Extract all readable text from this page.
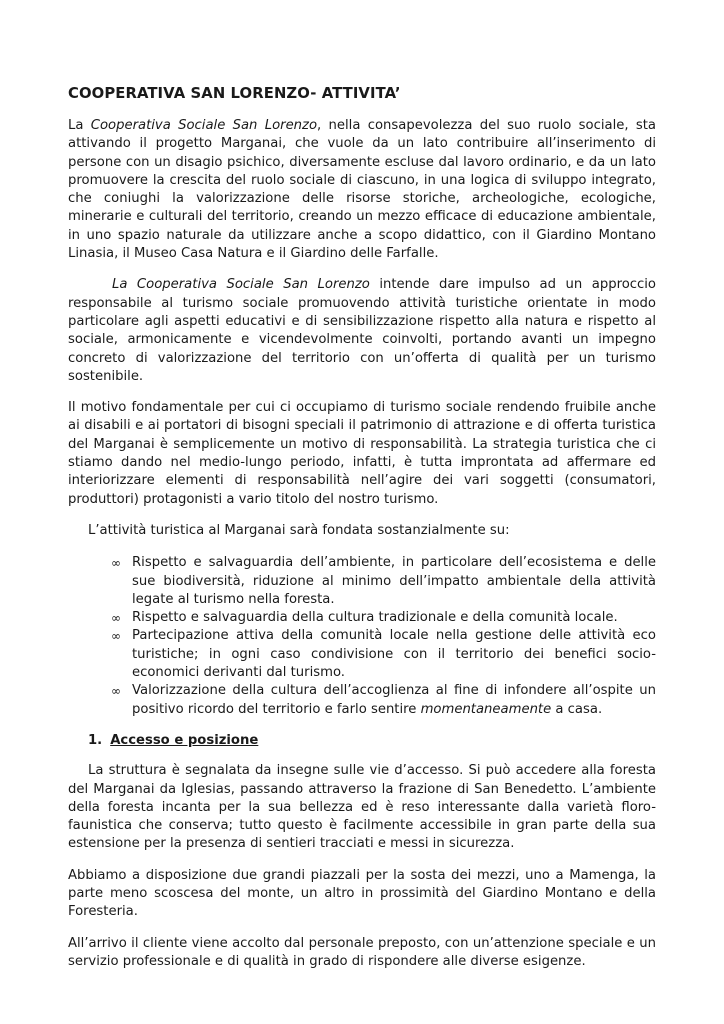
COOPERATIVA SAN LORENZO- ATTIVITA’

La Cooperativa Sociale San Lorenzo, nella consapevolezza del suo ruolo sociale, sta attivando il progetto Marganai, che vuole da un lato contribuire all’inserimento di persone con un disagio psichico, diversamente escluse dal lavoro ordinario, e da un lato promuovere la crescita del ruolo sociale di ciascuno, in una logica di sviluppo integrato, che coniughi la valorizzazione delle risorse storiche, archeologiche, ecologiche, minerarie e culturali del territorio, creando un mezzo efficace di educazione ambientale, in uno spazio naturale da utilizzare anche a scopo didattico, con il Giardino Montano Linasia, il Museo Casa Natura e il Giardino delle Farfalle.

La Cooperativa Sociale San Lorenzo intende dare impulso ad un approccio responsabile al turismo sociale promuovendo attività turistiche orientate in modo particolare agli aspetti educativi e di sensibilizzazione rispetto alla natura e rispetto al sociale, armonicamente e vicendevolmente coinvolti, portando avanti un impegno concreto di valorizzazione del territorio con un’offerta di qualità per un turismo sostenibile.

Il motivo fondamentale per cui ci occupiamo di turismo sociale rendendo fruibile anche ai disabili e ai portatori di bisogni speciali il patrimonio di attrazione e di offerta turistica del Marganai è semplicemente un motivo di responsabilità. La strategia turistica che ci stiamo dando nel medio-lungo periodo, infatti, è tutta improntata ad affermare ed interiorizzare elementi di responsabilità nell’agire dei vari soggetti (consumatori, produttori) protagonisti a vario titolo del nostro turismo.

L’attività turistica al Marganai sarà fondata sostanzialmente su:

∞ Rispetto e salvaguardia dell’ambiente, in particolare dell’ecosistema e delle sue biodiversità, riduzione al minimo dell’impatto ambientale della attività legate al turismo nella foresta.
∞ Rispetto e salvaguardia della cultura tradizionale e della comunità locale.
∞ Partecipazione attiva della comunità locale nella gestione delle attività eco turistiche; in ogni caso condivisione con il territorio dei benefici socio- economici derivanti dal turismo.
∞ Valorizzazione della cultura dell’accoglienza al fine di infondere all’ospite un positivo ricordo del territorio e farlo sentire momentaneamente a casa.
1. Accesso e posizione

La struttura è segnalata da insegne sulle vie d’accesso. Si può accedere alla foresta del Marganai da Iglesias, passando attraverso la frazione di San Benedetto. L’ambiente della foresta incanta per la sua bellezza ed è reso interessante dalla varietà floro-faunistica che conserva; tutto questo è facilmente accessibile in gran parte della sua estensione per la presenza di sentieri tracciati e messi in sicurezza.

Abbiamo a disposizione due grandi piazzali per la sosta dei mezzi, uno a Mamenga, la parte meno scoscesa del monte, un altro in prossimità del Giardino Montano e della Foresteria.

All’arrivo il cliente viene accolto dal personale preposto, con un’attenzione speciale e un servizio professionale e di qualità in grado di rispondere alle diverse esigenze.
